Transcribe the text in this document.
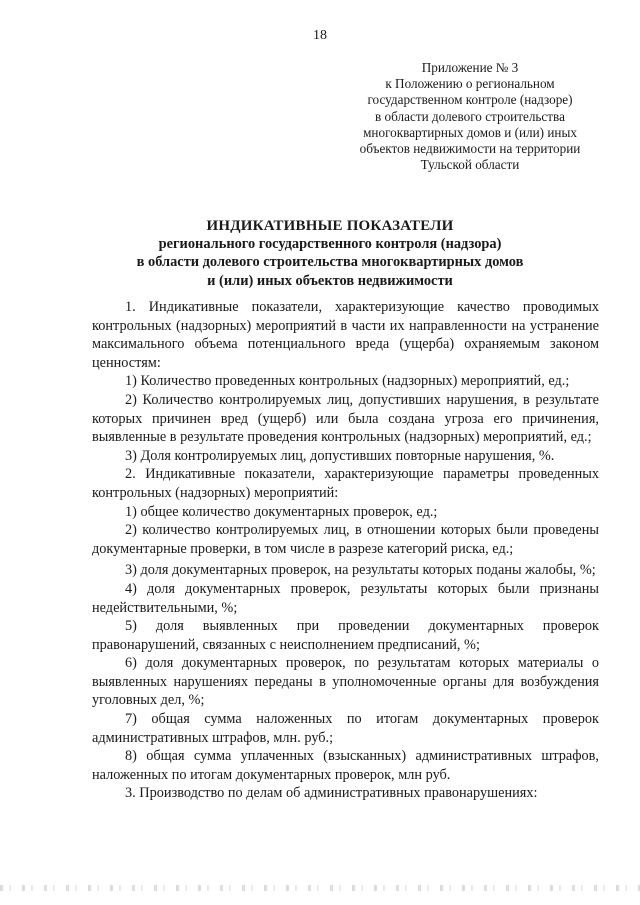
18
Приложение № 3
к Положению о региональном
государственном контроле (надзоре)
в области долевого строительства
многоквартирных домов и (или) иных
объектов недвижимости на территории
Тульской области
ИНДИКАТИВНЫЕ ПОКАЗАТЕЛИ
регионального государственного контроля (надзора)
в области долевого строительства многоквартирных домов
и (или) иных объектов недвижимости
1. Индикативные показатели, характеризующие качество проводимых контрольных (надзорных) мероприятий в части их направленности на устранение максимального объема потенциального вреда (ущерба) охраняемым законом ценностям:
1) Количество проведенных контрольных (надзорных) мероприятий, ед.;
2) Количество контролируемых лиц, допустивших нарушения, в результате которых причинен вред (ущерб) или была создана угроза его причинения, выявленные в результате проведения контрольных (надзорных) мероприятий, ед.;
3) Доля контролируемых лиц, допустивших повторные нарушения, %.
2. Индикативные показатели, характеризующие параметры проведенных контрольных (надзорных) мероприятий:
1) общее количество документарных проверок, ед.;
2) количество контролируемых лиц, в отношении которых были проведены документарные проверки, в том числе в разрезе категорий риска, ед.;
3) доля документарных проверок, на результаты которых поданы жалобы, %;
4) доля документарных проверок, результаты которых были признаны недействительными, %;
5) доля выявленных при проведении документарных проверок правонарушений, связанных с неисполнением предписаний, %;
6) доля документарных проверок, по результатам которых материалы о выявленных нарушениях переданы в уполномоченные органы для возбуждения уголовных дел, %;
7) общая сумма наложенных по итогам документарных проверок административных штрафов, млн. руб.;
8) общая сумма уплаченных (взысканных) административных штрафов, наложенных по итогам документарных проверок, млн руб.
3. Производство по делам об административных правонарушениях:
